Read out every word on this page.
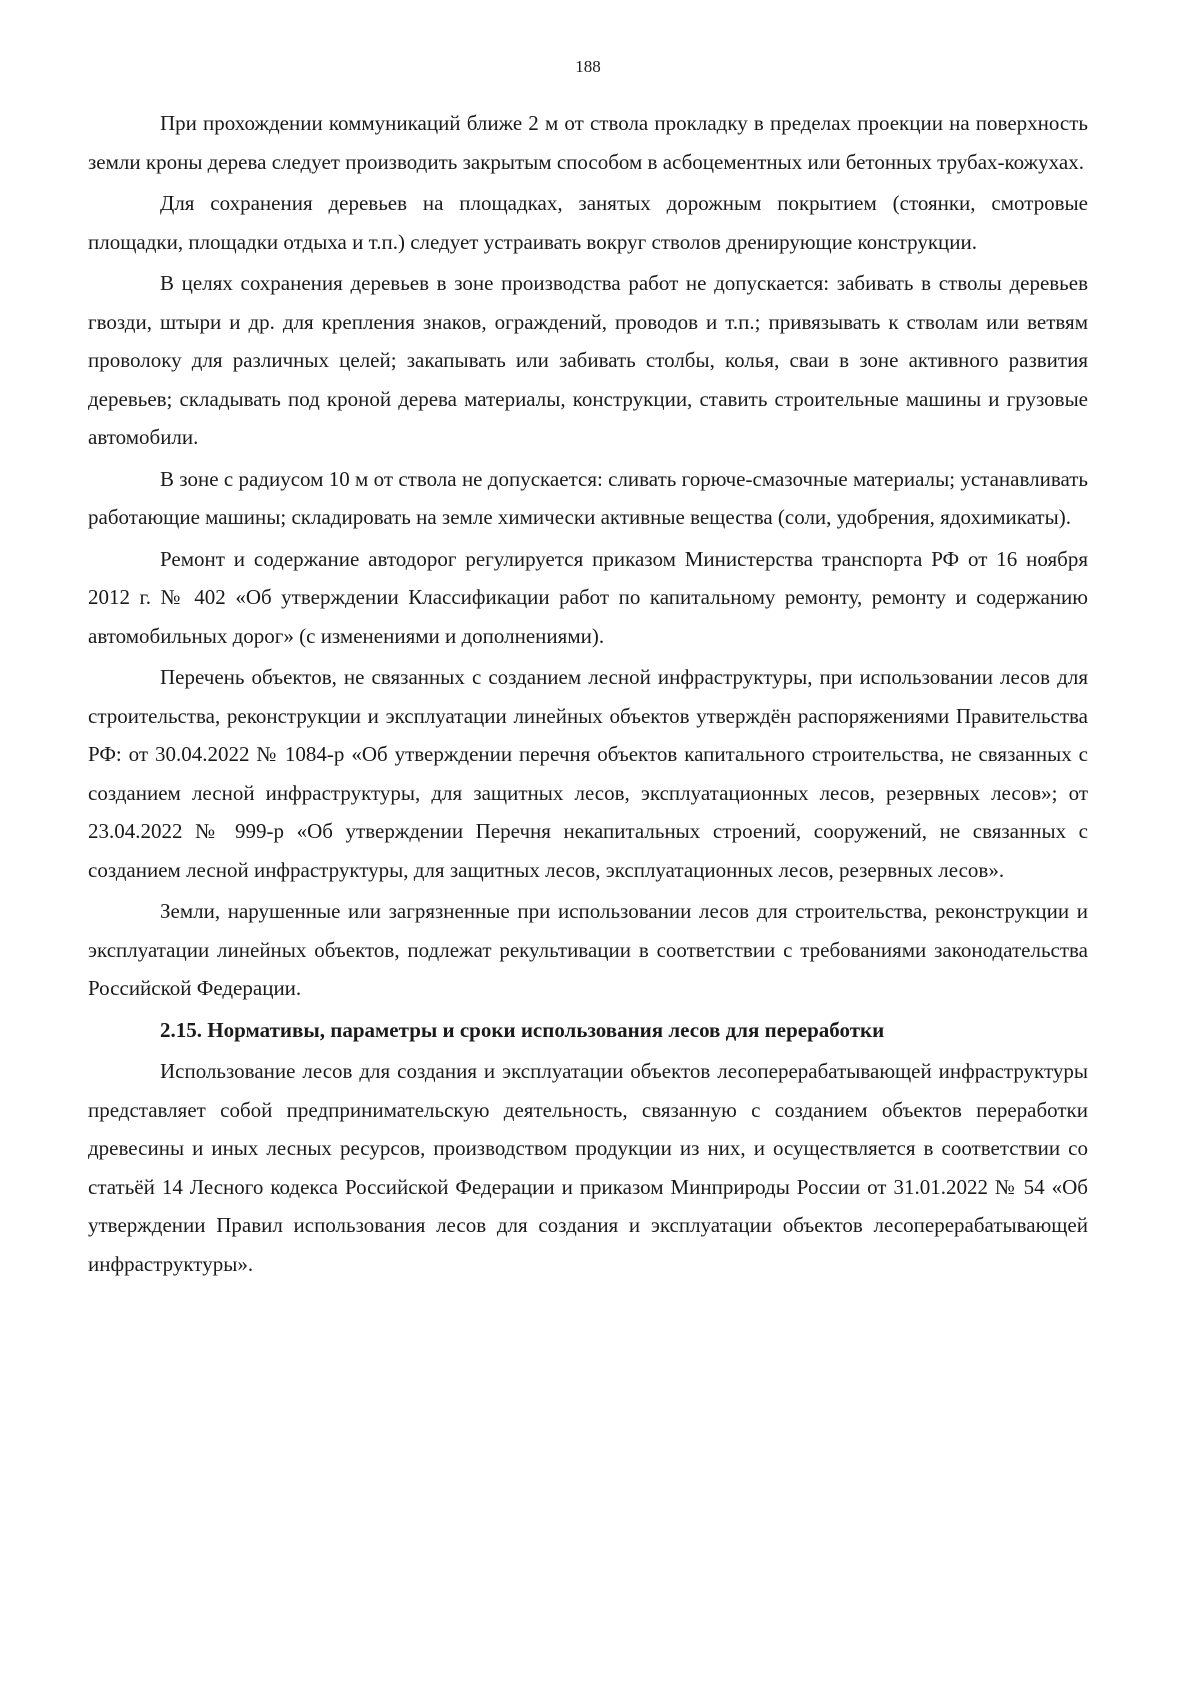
188

При прохождении коммуникаций ближе 2 м от ствола прокладку в пределах проекции на поверхность земли кроны дерева следует производить закрытым способом в асбоцементных или бетонных трубах-кожухах.

Для сохранения деревьев на площадках, занятых дорожным покрытием (стоянки, смотровые площадки, площадки отдыха и т.п.) следует устраивать вокруг стволов дренирующие конструкции.

В целях сохранения деревьев в зоне производства работ не допускается: забивать в стволы деревьев гвозди, штыри и др. для крепления знаков, ограждений, проводов и т.п.; привязывать к стволам или ветвям проволоку для различных целей; закапывать или забивать столбы, колья, сваи в зоне активного развития деревьев; складывать под кроной дерева материалы, конструкции, ставить строительные машины и грузовые автомобили.

В зоне с радиусом 10 м от ствола не допускается: сливать горюче-смазочные материалы; устанавливать работающие машины; складировать на земле химически активные вещества (соли, удобрения, ядохимикаты).

Ремонт и содержание автодорог регулируется приказом Министерства транспорта РФ от 16 ноября 2012 г. № 402 «Об утверждении Классификации работ по капитальному ремонту, ремонту и содержанию автомобильных дорог» (с изменениями и дополнениями).

Перечень объектов, не связанных с созданием лесной инфраструктуры, при использовании лесов для строительства, реконструкции и эксплуатации линейных объектов утверждён распоряжениями Правительства РФ: от 30.04.2022 № 1084-р «Об утверждении перечня объектов капитального строительства, не связанных с созданием лесной инфраструктуры, для защитных лесов, эксплуатационных лесов, резервных лесов»; от 23.04.2022 № 999-р «Об утверждении Перечня некапитальных строений, сооружений, не связанных с созданием лесной инфраструктуры, для защитных лесов, эксплуатационных лесов, резервных лесов».

Земли, нарушенные или загрязненные при использовании лесов для строительства, реконструкции и эксплуатации линейных объектов, подлежат рекультивации в соответствии с требованиями законодательства Российской Федерации.

2.15. Нормативы, параметры и сроки использования лесов для переработки

Использование лесов для создания и эксплуатации объектов лесоперерабатывающей инфраструктуры представляет собой предпринимательскую деятельность, связанную с созданием объектов переработки древесины и иных лесных ресурсов, производством продукции из них, и осуществляется в соответствии со статьёй 14 Лесного кодекса Российской Федерации и приказом Минприроды России от 31.01.2022 № 54 «Об утверждении Правил использования лесов для создания и эксплуатации объектов лесоперерабатывающей инфраструктуры».
